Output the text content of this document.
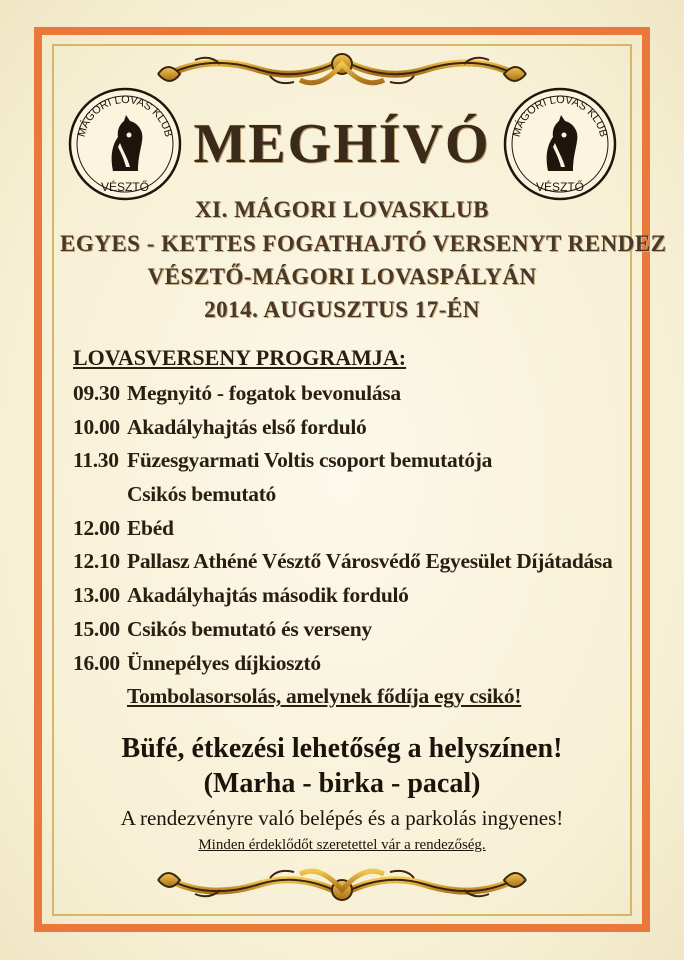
MÁGORI LOVAS KLUB
VÉSZTŐ
MÁGORI LOVAS KLUB
VÉSZTŐ
MEGHÍVÓ
XI. MÁGORI LOVASKLUB
EGYES - KETTES FOGATHAJTÓ VERSENYT RENDEZ
VÉSZTŐ-MÁGORI LOVASPÁLYÁN
2014. AUGUSZTUS 17-ÉN
LOVASVERSENY PROGRAMJA:
09.30 Megnyitó - fogatok bevonulása
10.00 Akadályhajtás első forduló
11.30 Füzesgyarmati Voltis csoport bemutatója
Csikós bemutató
12.00 Ebéd
12.10 Pallasz Athéné Vésztő Városvédő Egyesület Díjátadása
13.00 Akadályhajtás második forduló
15.00 Csikós bemutató és verseny
16.00 Ünnepélyes díjkiosztó
Tombolasorsolás, amelynek fődíja egy csikó!
Büfé, étkezési lehetőség a helyszínen!
(Marha - birka - pacal)
A rendezvényre való belépés és a parkolás ingyenes!
Minden érdeklődőt szeretettel vár a rendezőség.
